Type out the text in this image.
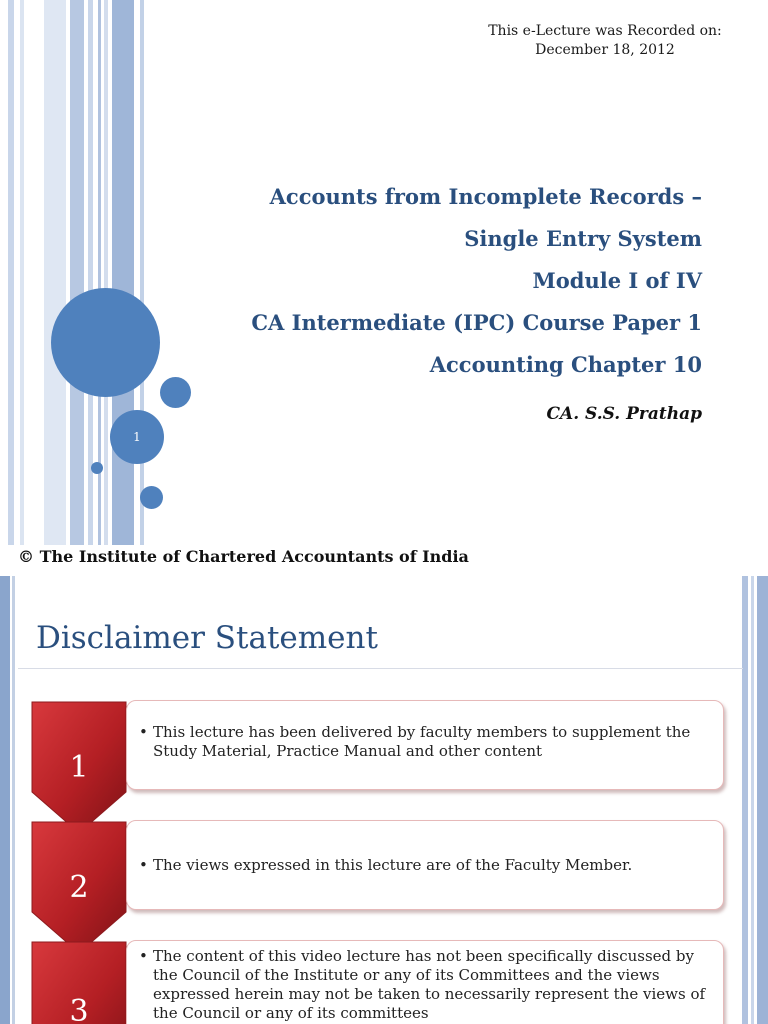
This e-Lecture was Recorded on:
December 18, 2012
Accounts from Incomplete Records –
Single Entry System
Module I of IV
CA Intermediate (IPC) Course Paper 1
Accounting Chapter 10
CA. S.S. Prathap
1
© The Institute of Chartered Accountants of India
Disclaimer Statement
1
• This lecture has been delivered by faculty members to supplement the Study Material, Practice Manual and other content
2
• The views expressed in this lecture are of the Faculty Member.
3
• The content of this video lecture has not been specifically discussed by the Council of the Institute or any of its Committees and the views expressed herein may not be taken to necessarily represent the views of the Council or any of its committees
